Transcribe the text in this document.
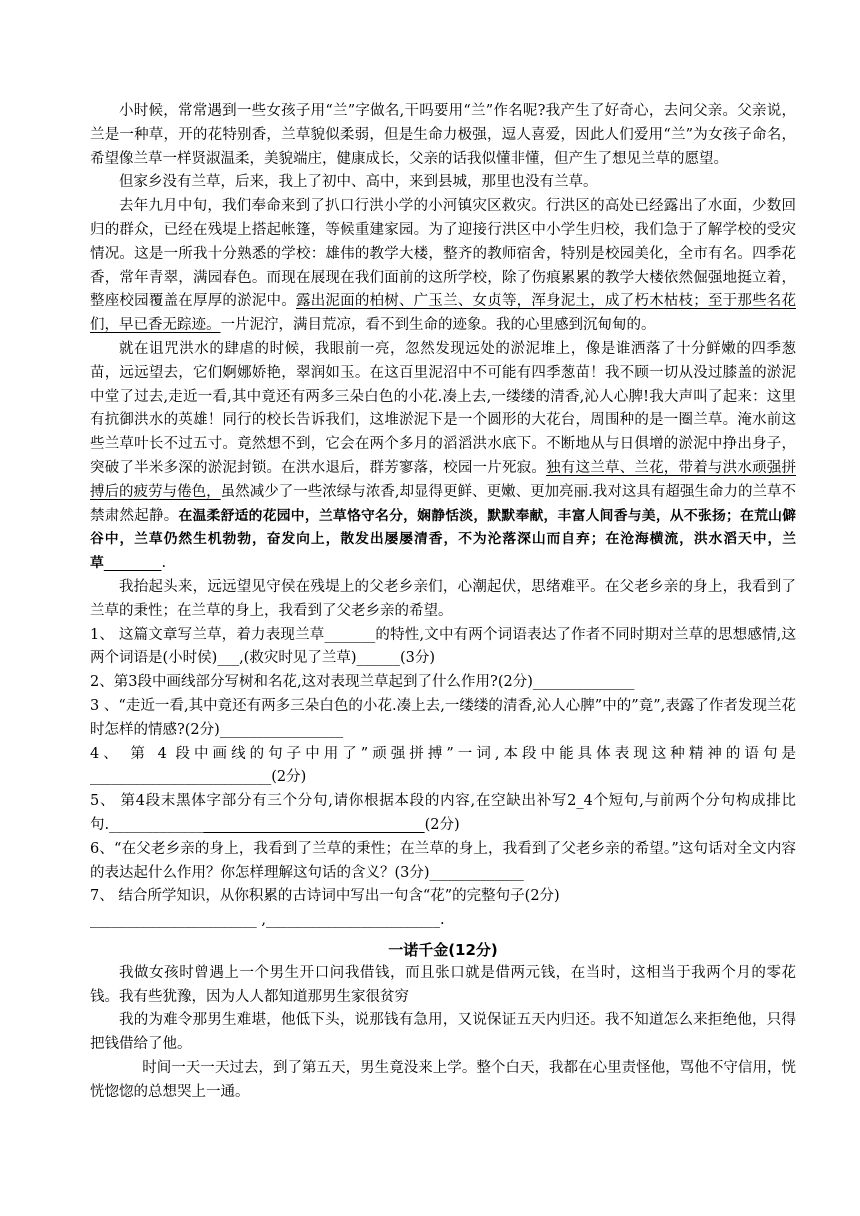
小时候，常常遇到一些女孩子用“兰”字做名,干吗要用“兰”作名呢?我产生了好奇心，去问父亲。父亲说，兰是一种草，开的花特别香，兰草貌似柔弱，但是生命力极强，逗人喜爱，因此人们爱用“兰”为女孩子命名，希望像兰草一样贤淑温柔，美貌端庄，健康成长，父亲的话我似懂非懂，但产生了想见兰草的愿望。

但家乡没有兰草，后来，我上了初中、高中，来到县城，那里也没有兰草。

去年九月中旬，我们奉命来到了扒口行洪小学的小河镇灾区救灾。行洪区的高处已经露出了水面，少数回归的群众，已经在残堤上搭起帐篷，等候重建家园。为了迎接行洪区中小学生归校，我们急于了解学校的受灾情况。这是一所我十分熟悉的学校：雄伟的教学大楼，整齐的教师宿舍，特别是校园美化，全市有名。四季花香，常年青翠，满园春色。而现在展现在我们面前的这所学校，除了伤痕累累的教学大楼依然倔强地挺立着，整座校园覆盖在厚厚的淤泥中。露出泥面的柏树、广玉兰、女贞等，浑身泥土，成了朽木枯枝；至于那些名花们，早已香无踪迹。一片泥泞，满目荒凉，看不到生命的迹象。我的心里感到沉甸甸的。

就在诅咒洪水的肆虐的时候，我眼前一亮，忽然发现远处的淤泥堆上，像是谁洒落了十分鲜嫩的四季葱苗，远远望去，它们婀娜娇艳，翠润如玉。在这百里泥沼中不可能有四季葱苗！我不顾一切从没过膝盖的淤泥中堂了过去,走近一看,其中竟还有两多三朵白色的小花.凑上去,一缕缕的清香,沁人心脾!我大声叫了起来：这里有抗御洪水的英雄！同行的校长告诉我们，这堆淤泥下是一个圆形的大花台，周围种的是一圈兰草。淹水前这些兰草叶长不过五寸。竟然想不到，它会在两个多月的滔滔洪水底下。不断地从与日俱增的淤泥中挣出身子，突破了半米多深的淤泥封锁。在洪水退后，群芳寥落，校园一片死寂。独有这兰草、兰花，带着与洪水顽强拼搏后的疲劳与倦色，虽然减少了一些浓绿与浓香,却显得更鲜、更嫩、更加亮丽.我对这具有超强生命力的兰草不禁肃然起静。在温柔舒适的花园中，兰草恪守名分，娴静恬淡，默默奉献，丰富人间香与美，从不张扬；在荒山僻谷中，兰草仍然生机勃勃，奋发向上，散发出屡屡清香，不为沦落深山而自弃；在沧海横流，洪水滔天中，兰草	.

我抬起头来，远远望见守侯在残堤上的父老乡亲们，心潮起伏，思绪难平。在父老乡亲的身上，我看到了兰草的秉性；在兰草的身上，我看到了父老乡亲的希望。

1、 这篇文章写兰草，着力表现兰草_______的特性,文中有两个词语表达了作者不同时期对兰草的思想感情,这两个词语是(小时侯)___,(救灾时见了兰草)______(3分)

2、第3段中画线部分写树和名花,这对表现兰草起到了什么作用?(2分)______________

3 、“走近一看,其中竟还有两多三朵白色的小花.凑上去,一缕缕的清香,沁人心脾”中的”竟”,表露了作者发现兰花时怎样的情感?(2分)_________________

4、 第 4 段中画线的句子中用了”顽强拼搏”一词,本段中能具体表现这种精神的语句是_________________________(2分)

5、 第4段末黑体字部分有三个分句,请你根据本段的内容,在空缺出补写2_4个短句,与前两个分句构成排比句._____________	(2分)

6、“在父老乡亲的身上，我看到了兰草的秉性；在兰草的身上，我看到了父老乡亲的希望。”这句话对全文内容的表达起什么作用？你怎样理解这句话的含义？(3分)_____________

7、 结合所学知识，从你积累的古诗词中写出一句含“花”的完整句子(2分)

_______________________ ,________________________.

一诺千金(12分)

我做女孩时曾遇上一个男生开口问我借钱，而且张口就是借两元钱，在当时，这相当于我两个月的零花钱。我有些犹豫，因为人人都知道那男生家很贫穷

我的为难令那男生难堪，他低下头，说那钱有急用，又说保证五天内归还。我不知道怎么来拒绝他，只得把钱借给了他。

时间一天一天过去，到了第五天，男生竟没来上学。整个白天，我都在心里责怪他，骂他不守信用，恍恍惚惚的总想哭上一通。
